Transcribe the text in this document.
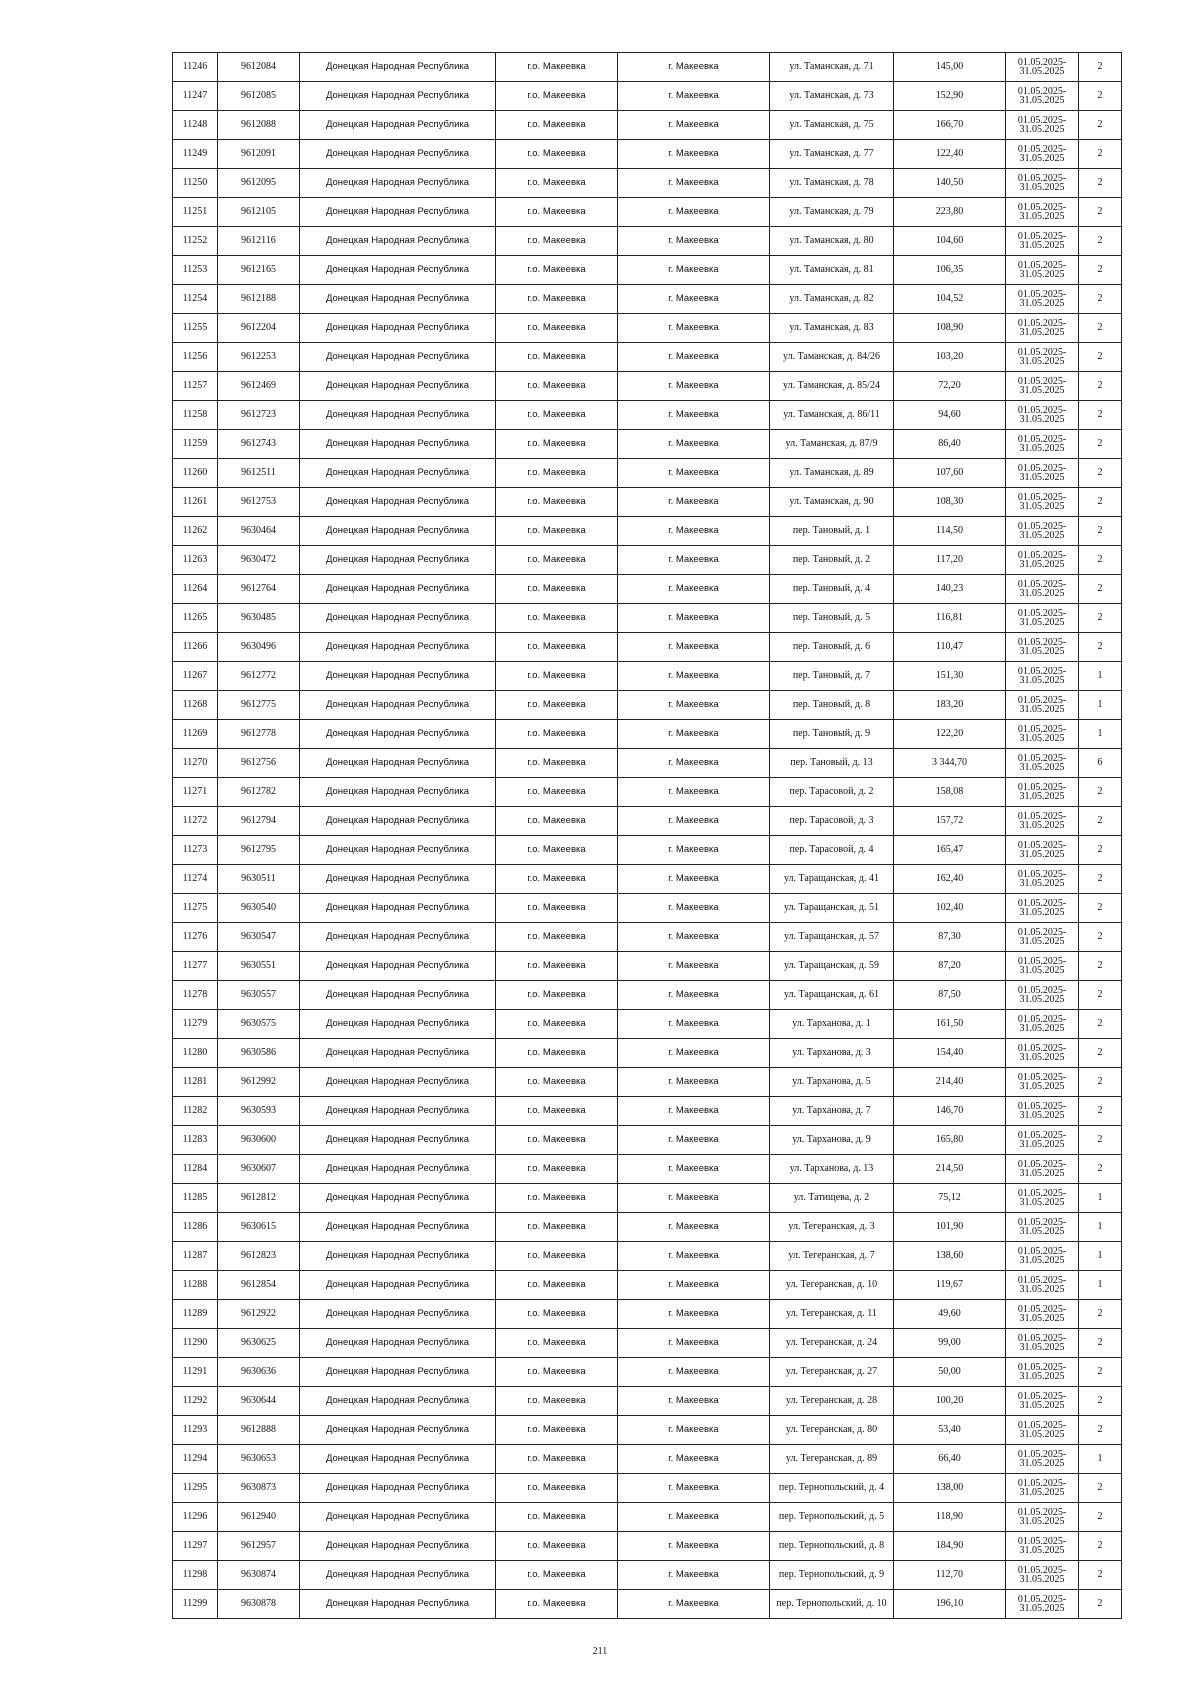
11246	9612084	Донецкая Народная Республика	г.о. Макеевка	г. Макеевка	ул. Таманская, д. 71	145,00	01.05.2025- 31.05.2025	2
11247	9612085	Донецкая Народная Республика	г.о. Макеевка	г. Макеевка	ул. Таманская, д. 73	152,90	01.05.2025- 31.05.2025	2
11248	9612088	Донецкая Народная Республика	г.о. Макеевка	г. Макеевка	ул. Таманская, д. 75	166,70	01.05.2025- 31.05.2025	2
11249	9612091	Донецкая Народная Республика	г.о. Макеевка	г. Макеевка	ул. Таманская, д. 77	122,40	01.05.2025- 31.05.2025	2
11250	9612095	Донецкая Народная Республика	г.о. Макеевка	г. Макеевка	ул. Таманская, д. 78	140,50	01.05.2025- 31.05.2025	2
11251	9612105	Донецкая Народная Республика	г.о. Макеевка	г. Макеевка	ул. Таманская, д. 79	223,80	01.05.2025- 31.05.2025	2
11252	9612116	Донецкая Народная Республика	г.о. Макеевка	г. Макеевка	ул. Таманская, д. 80	104,60	01.05.2025- 31.05.2025	2
11253	9612165	Донецкая Народная Республика	г.о. Макеевка	г. Макеевка	ул. Таманская, д. 81	106,35	01.05.2025- 31.05.2025	2
11254	9612188	Донецкая Народная Республика	г.о. Макеевка	г. Макеевка	ул. Таманская, д. 82	104,52	01.05.2025- 31.05.2025	2
11255	9612204	Донецкая Народная Республика	г.о. Макеевка	г. Макеевка	ул. Таманская, д. 83	108,90	01.05.2025- 31.05.2025	2
11256	9612253	Донецкая Народная Республика	г.о. Макеевка	г. Макеевка	ул. Таманская, д. 84/26	103,20	01.05.2025- 31.05.2025	2
11257	9612469	Донецкая Народная Республика	г.о. Макеевка	г. Макеевка	ул. Таманская, д. 85/24	72,20	01.05.2025- 31.05.2025	2
11258	9612723	Донецкая Народная Республика	г.о. Макеевка	г. Макеевка	ул. Таманская, д. 86/11	94,60	01.05.2025- 31.05.2025	2
11259	9612743	Донецкая Народная Республика	г.о. Макеевка	г. Макеевка	ул. Таманская, д. 87/9	86,40	01.05.2025- 31.05.2025	2
11260	9612511	Донецкая Народная Республика	г.о. Макеевка	г. Макеевка	ул. Таманская, д. 89	107,60	01.05.2025- 31.05.2025	2
11261	9612753	Донецкая Народная Республика	г.о. Макеевка	г. Макеевка	ул. Таманская, д. 90	108,30	01.05.2025- 31.05.2025	2
11262	9630464	Донецкая Народная Республика	г.о. Макеевка	г. Макеевка	пер. Тановый, д. 1	114,50	01.05.2025- 31.05.2025	2
11263	9630472	Донецкая Народная Республика	г.о. Макеевка	г. Макеевка	пер. Тановый, д. 2	117,20	01.05.2025- 31.05.2025	2
11264	9612764	Донецкая Народная Республика	г.о. Макеевка	г. Макеевка	пер. Тановый, д. 4	140,23	01.05.2025- 31.05.2025	2
11265	9630485	Донецкая Народная Республика	г.о. Макеевка	г. Макеевка	пер. Тановый, д. 5	116,81	01.05.2025- 31.05.2025	2
11266	9630496	Донецкая Народная Республика	г.о. Макеевка	г. Макеевка	пер. Тановый, д. 6	110,47	01.05.2025- 31.05.2025	2
11267	9612772	Донецкая Народная Республика	г.о. Макеевка	г. Макеевка	пер. Тановый, д. 7	151,30	01.05.2025- 31.05.2025	1
11268	9612775	Донецкая Народная Республика	г.о. Макеевка	г. Макеевка	пер. Тановый, д. 8	183,20	01.05.2025- 31.05.2025	1
11269	9612778	Донецкая Народная Республика	г.о. Макеевка	г. Макеевка	пер. Тановый, д. 9	122,20	01.05.2025- 31.05.2025	1
11270	9612756	Донецкая Народная Республика	г.о. Макеевка	г. Макеевка	пер. Тановый, д. 13	3 344,70	01.05.2025- 31.05.2025	6
11271	9612782	Донецкая Народная Республика	г.о. Макеевка	г. Макеевка	пер. Тарасовой, д. 2	158,08	01.05.2025- 31.05.2025	2
11272	9612794	Донецкая Народная Республика	г.о. Макеевка	г. Макеевка	пер. Тарасовой, д. 3	157,72	01.05.2025- 31.05.2025	2
11273	9612795	Донецкая Народная Республика	г.о. Макеевка	г. Макеевка	пер. Тарасовой, д. 4	165,47	01.05.2025- 31.05.2025	2
11274	9630511	Донецкая Народная Республика	г.о. Макеевка	г. Макеевка	ул. Таращанская, д. 41	162,40	01.05.2025- 31.05.2025	2
11275	9630540	Донецкая Народная Республика	г.о. Макеевка	г. Макеевка	ул. Таращанская, д. 51	102,40	01.05.2025- 31.05.2025	2
11276	9630547	Донецкая Народная Республика	г.о. Макеевка	г. Макеевка	ул. Таращанская, д. 57	87,30	01.05.2025- 31.05.2025	2
11277	9630551	Донецкая Народная Республика	г.о. Макеевка	г. Макеевка	ул. Таращанская, д. 59	87,20	01.05.2025- 31.05.2025	2
11278	9630557	Донецкая Народная Республика	г.о. Макеевка	г. Макеевка	ул. Таращанская, д. 61	87,50	01.05.2025- 31.05.2025	2
11279	9630575	Донецкая Народная Республика	г.о. Макеевка	г. Макеевка	ул. Тарханова, д. 1	161,50	01.05.2025- 31.05.2025	2
11280	9630586	Донецкая Народная Республика	г.о. Макеевка	г. Макеевка	ул. Тарханова, д. 3	154,40	01.05.2025- 31.05.2025	2
11281	9612992	Донецкая Народная Республика	г.о. Макеевка	г. Макеевка	ул. Тарханова, д. 5	214,40	01.05.2025- 31.05.2025	2
11282	9630593	Донецкая Народная Республика	г.о. Макеевка	г. Макеевка	ул. Тарханова, д. 7	146,70	01.05.2025- 31.05.2025	2
11283	9630600	Донецкая Народная Республика	г.о. Макеевка	г. Макеевка	ул. Тарханова, д. 9	165,80	01.05.2025- 31.05.2025	2
11284	9630607	Донецкая Народная Республика	г.о. Макеевка	г. Макеевка	ул. Тарханова, д. 13	214,50	01.05.2025- 31.05.2025	2
11285	9612812	Донецкая Народная Республика	г.о. Макеевка	г. Макеевка	ул. Татищева, д. 2	75,12	01.05.2025- 31.05.2025	1
11286	9630615	Донецкая Народная Республика	г.о. Макеевка	г. Макеевка	ул. Тегеранская, д. 3	101,90	01.05.2025- 31.05.2025	1
11287	9612823	Донецкая Народная Республика	г.о. Макеевка	г. Макеевка	ул. Тегеранская, д. 7	138,60	01.05.2025- 31.05.2025	1
11288	9612854	Донецкая Народная Республика	г.о. Макеевка	г. Макеевка	ул. Тегеранская, д. 10	119,67	01.05.2025- 31.05.2025	1
11289	9612922	Донецкая Народная Республика	г.о. Макеевка	г. Макеевка	ул. Тегеранская, д. 11	49,60	01.05.2025- 31.05.2025	2
11290	9630625	Донецкая Народная Республика	г.о. Макеевка	г. Макеевка	ул. Тегеранская, д. 24	99,00	01.05.2025- 31.05.2025	2
11291	9630636	Донецкая Народная Республика	г.о. Макеевка	г. Макеевка	ул. Тегеранская, д. 27	50,00	01.05.2025- 31.05.2025	2
11292	9630644	Донецкая Народная Республика	г.о. Макеевка	г. Макеевка	ул. Тегеранская, д. 28	100,20	01.05.2025- 31.05.2025	2
11293	9612888	Донецкая Народная Республика	г.о. Макеевка	г. Макеевка	ул. Тегеранская, д. 80	53,40	01.05.2025- 31.05.2025	2
11294	9630653	Донецкая Народная Республика	г.о. Макеевка	г. Макеевка	ул. Тегеранская, д. 89	66,40	01.05.2025- 31.05.2025	1
11295	9630873	Донецкая Народная Республика	г.о. Макеевка	г. Макеевка	пер. Тернопольский, д. 4	138,00	01.05.2025- 31.05.2025	2
11296	9612940	Донецкая Народная Республика	г.о. Макеевка	г. Макеевка	пер. Тернопольский, д. 5	118,90	01.05.2025- 31.05.2025	2
11297	9612957	Донецкая Народная Республика	г.о. Макеевка	г. Макеевка	пер. Тернопольский, д. 8	184,90	01.05.2025- 31.05.2025	2
11298	9630874	Донецкая Народная Республика	г.о. Макеевка	г. Макеевка	пер. Тернопольский, д. 9	112,70	01.05.2025- 31.05.2025	2
11299	9630878	Донецкая Народная Республика	г.о. Макеевка	г. Макеевка	пер. Тернопольский, д. 10	196,10	01.05.2025- 31.05.2025	2
211
